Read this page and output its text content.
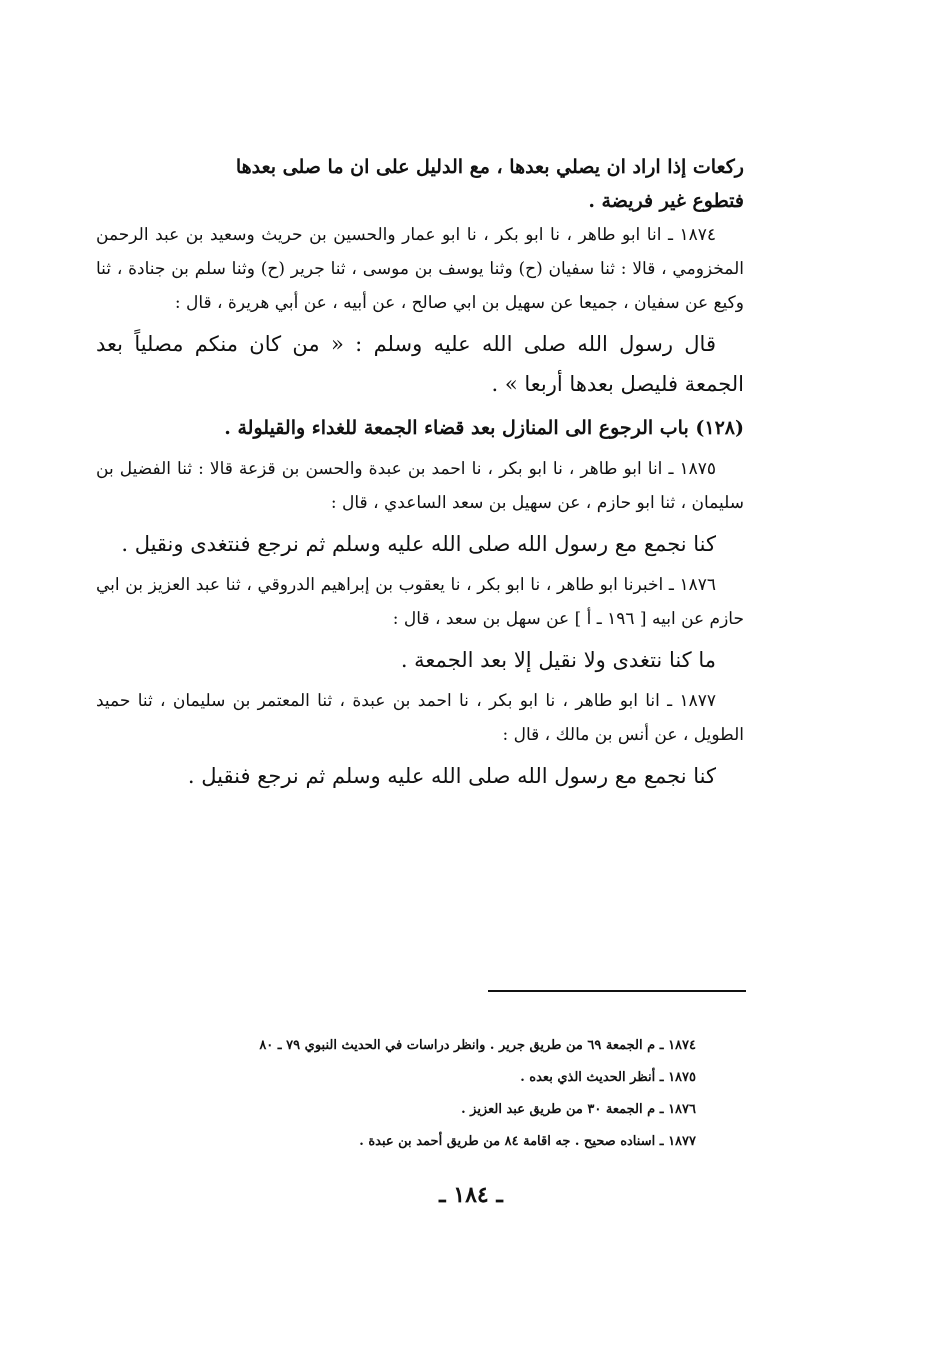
ركعات إذا اراد ان يصلي بعدها ، مع الدليل على ان ما صلى بعدها
فتطوع غير فريضة .
١٨٧٤ ـ انا ابو طاهر ، نا ابو بكر ، نا ابو عمار والحسين بن حريث وسعيد بن عبد الرحمن المخزومي ، قالا : ثنا سفيان (ح) وثنا يوسف بن موسى ، ثنا جرير (ح) وثنا سلم بن جنادة ، ثنا وكيع عن سفيان ، جميعا عن سهيل بن ابي صالح ، عن أبيه ، عن أبي هريرة ، قال :
قال رسول الله صلى الله عليه وسلم : « من كان منكم مصلياً بعد الجمعة فليصل بعدها أربعا » .
(١٢٨) باب الرجوع الى المنازل بعد قضاء الجمعة للغداء والقيلولة .
١٨٧٥ ـ انا ابو طاهر ، نا ابو بكر ، نا احمد بن عبدة والحسن بن قزعة قالا : ثنا الفضيل بن سليمان ، ثنا ابو حازم ، عن سهيل بن سعد الساعدي ، قال :
كنا نجمع مع رسول الله صلى الله عليه وسلم ثم نرجع فنتغدى ونقيل .
١٨٧٦ ـ اخبرنا ابو طاهر ، نا ابو بكر ، نا يعقوب بن إبراهيم الدروقي ، ثنا عبد العزيز بن ابي حازم عن ابيه [ ١٩٦ ـ أ ] عن سهل بن سعد ، قال :
ما كنا نتغدى ولا نقيل إلا بعد الجمعة .
١٨٧٧ ـ انا ابو طاهر ، نا ابو بكر ، نا احمد بن عبدة ، ثنا المعتمر بن سليمان ، ثنا حميد الطويل ، عن أنس بن مالك ، قال :
كنا نجمع مع رسول الله صلى الله عليه وسلم ثم نرجع فنقيل .
١٨٧٤ ـ م الجمعة ٦٩ من طريق جرير . وانظر دراسات في الحديث النبوي ٧٩ ـ ٨٠
١٨٧٥ ـ أنظر الحديث الذي بعده .
١٨٧٦ ـ م الجمعة ٣٠ من طريق عبد العزيز .
١٨٧٧ ـ اسناده صحيح . جه اقامة ٨٤ من طريق أحمد بن عبدة .
ـ ١٨٤ ـ
